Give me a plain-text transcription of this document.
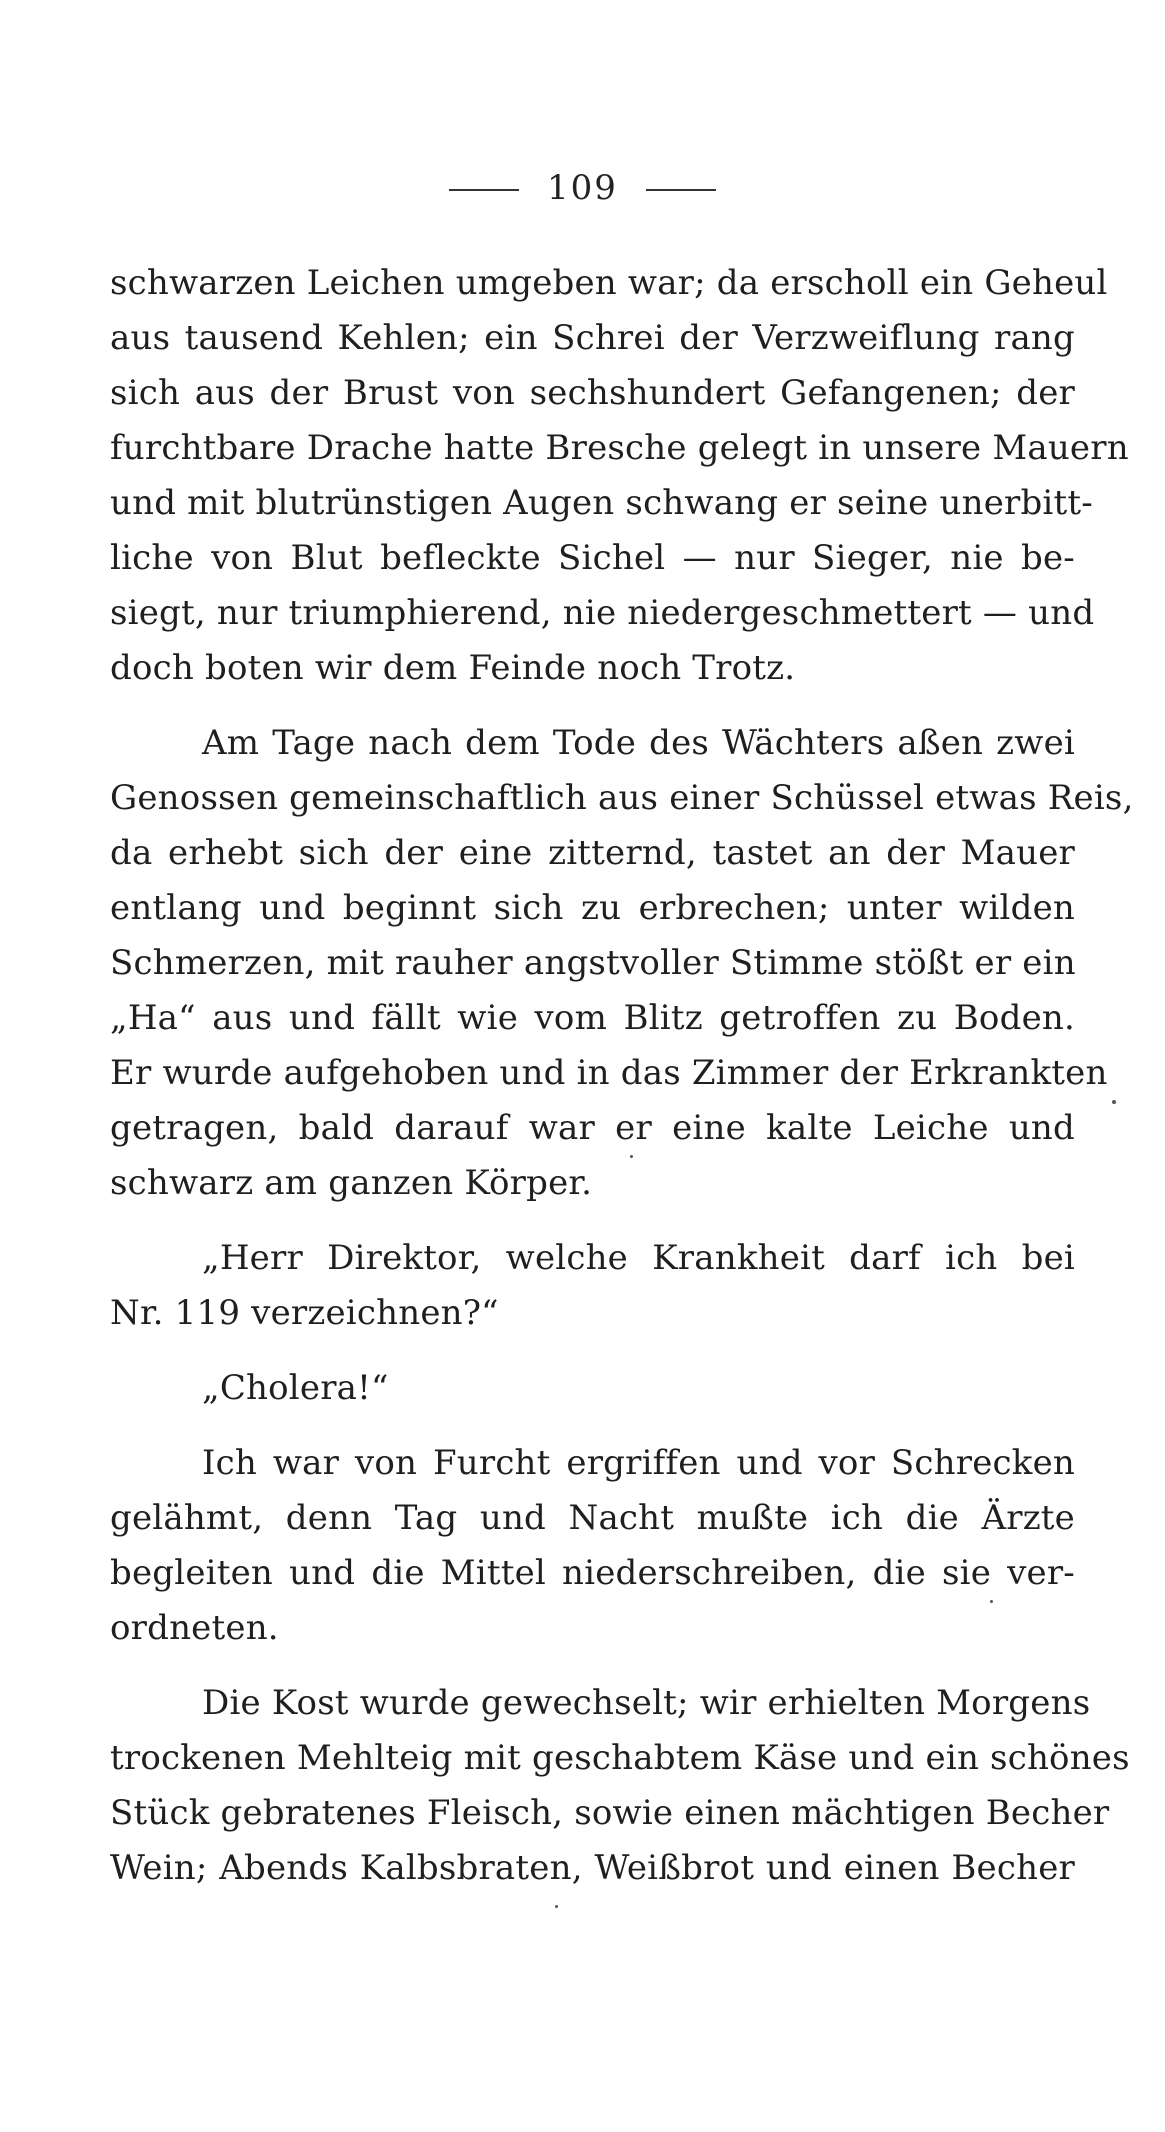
109
schwarzen Leichen umgeben war; da erscholl ein Geheul
aus tausend Kehlen; ein Schrei der Verzweiflung rang
sich aus der Brust von sechshundert Gefangenen; der
furchtbare Drache hatte Bresche gelegt in unsere Mauern
und mit blutrünstigen Augen schwang er seine unerbitt-
liche von Blut befleckte Sichel — nur Sieger, nie be-
siegt, nur triumphierend, nie niedergeschmettert — und
doch boten wir dem Feinde noch Trotz.
Am Tage nach dem Tode des Wächters aßen zwei
Genossen gemeinschaftlich aus einer Schüssel etwas Reis,
da erhebt sich der eine zitternd, tastet an der Mauer
entlang und beginnt sich zu erbrechen; unter wilden
Schmerzen, mit rauher angstvoller Stimme stößt er ein
„Ha“ aus und fällt wie vom Blitz getroffen zu Boden.
Er wurde aufgehoben und in das Zimmer der Erkrankten
getragen, bald darauf war er eine kalte Leiche und
schwarz am ganzen Körper.
„Herr Direktor, welche Krankheit darf ich bei
Nr. 119 verzeichnen?“
„Cholera!“
Ich war von Furcht ergriffen und vor Schrecken
gelähmt, denn Tag und Nacht mußte ich die Ärzte
begleiten und die Mittel niederschreiben, die sie ver-
ordneten.
Die Kost wurde gewechselt; wir erhielten Morgens
trockenen Mehlteig mit geschabtem Käse und ein schönes
Stück gebratenes Fleisch, sowie einen mächtigen Becher
Wein; Abends Kalbsbraten, Weißbrot und einen Becher
